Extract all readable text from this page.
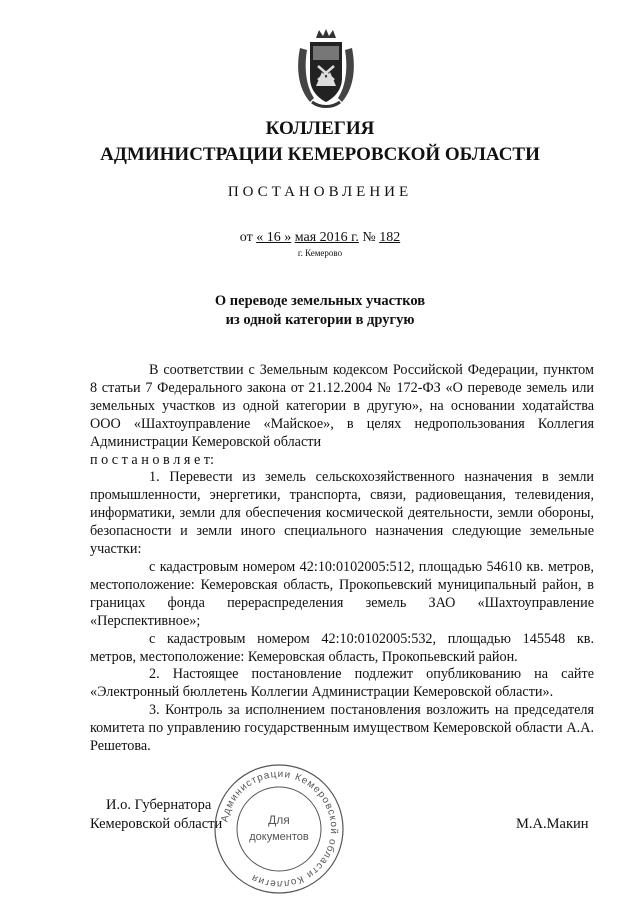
КОЛЛЕГИЯ
АДМИНИСТРАЦИИ КЕМЕРОВСКОЙ ОБЛАСТИ
ПОСТАНОВЛЕНИЕ
от « 16 » мая 2016 г. № 182
г. Кемерово
О переводе земельных участков
из одной категории в другую

В соответствии с Земельным кодексом Российской Федерации, пунктом 8 статьи 7 Федерального закона от 21.12.2004 № 172-ФЗ «О переводе земель или земельных участков из одной категории в другую», на основании ходатайства ООО «Шахтоуправление «Майское», в целях недропользования Коллегия Администрации Кемеровской области

п о с т а н о в л я е т:

1. Перевести из земель сельскохозяйственного назначения в земли промышленности, энергетики, транспорта, связи, радиовещания, телевидения, информатики, земли для обеспечения космической деятельности, земли обороны, безопасности и земли иного специального назначения следующие земельные участки:

с кадастровым номером 42:10:0102005:512, площадью 54610 кв. метров, местоположение: Кемеровская область, Прокопьевский муниципальный район, в границах фонда перераспределения земель ЗАО «Шахтоуправление «Перспективное»;

с кадастровым номером 42:10:0102005:532, площадью 145548 кв. метров, местоположение: Кемеровская область, Прокопьевский район.

2. Настоящее постановление подлежит опубликованию на сайте «Электронный бюллетень Коллегии Администрации Кемеровской области».

3. Контроль за исполнением постановления возложить на председателя комитета по управлению государственным имуществом Кемеровской области А.А. Решетова.

И.о. Губернатора
Кемеровской области	М.А.Макин
Администрации Кемеровской области Коллегия
Для
документов
